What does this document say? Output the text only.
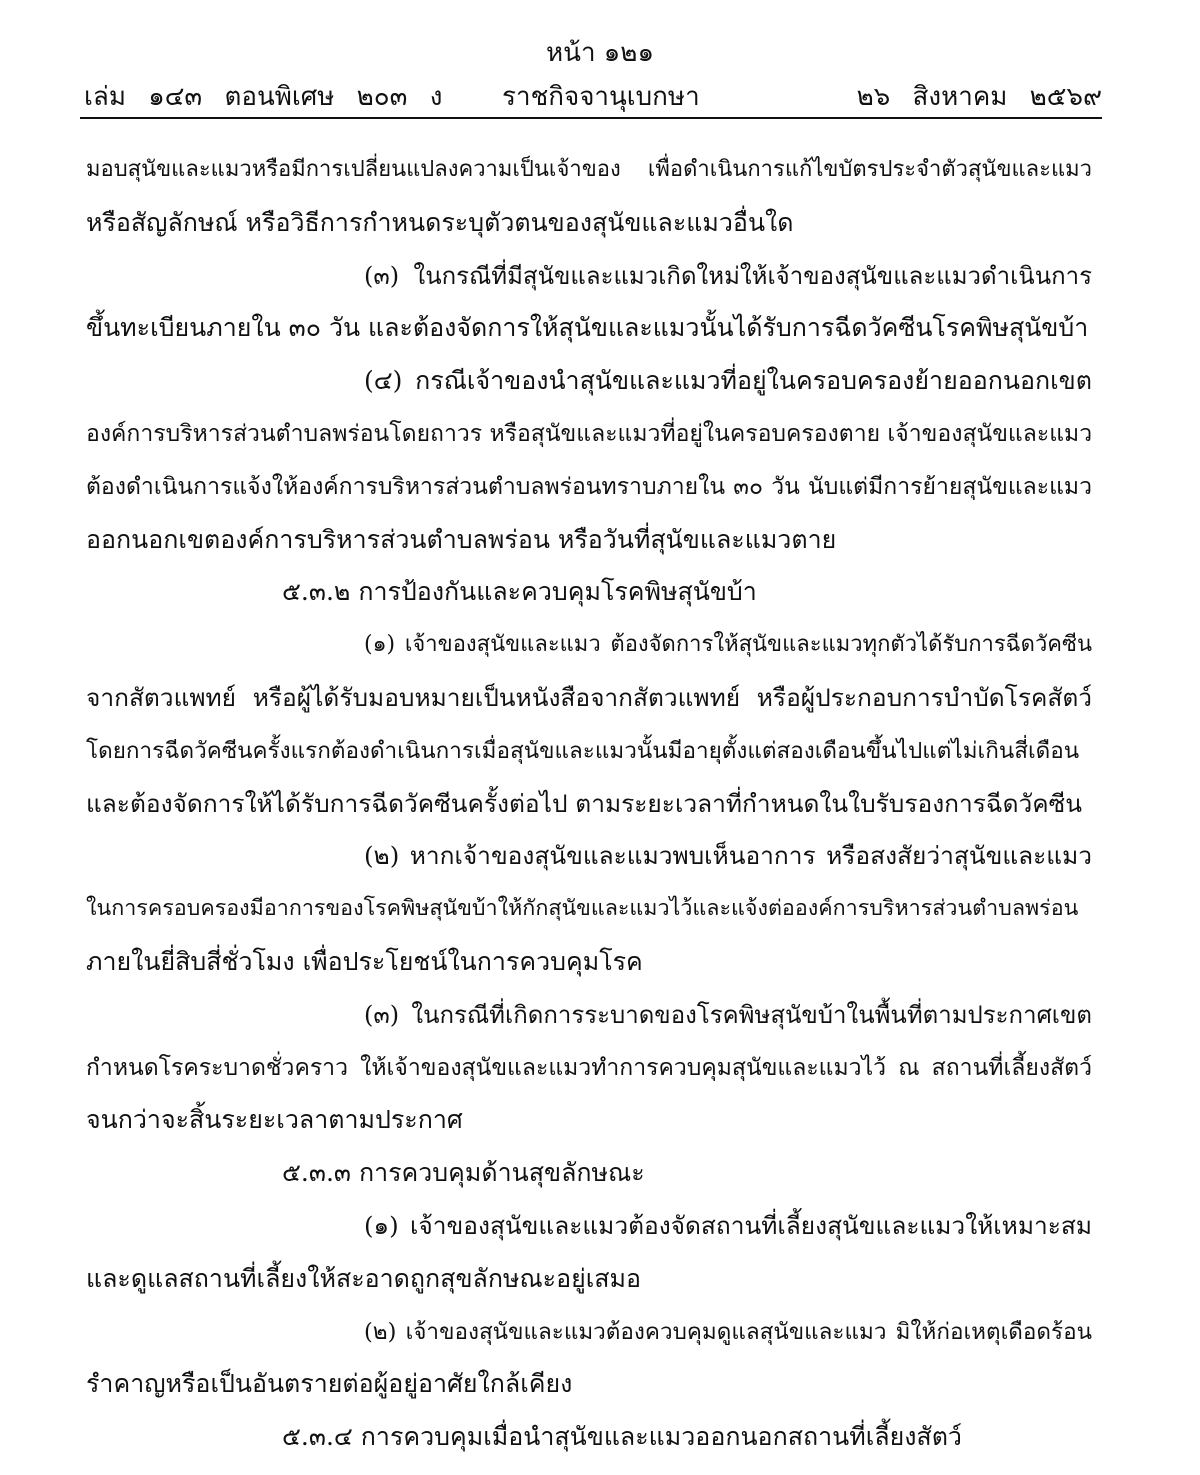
หน้า ๑๒๑
เล่ม ๑๔๓ ตอนพิเศษ ๒๐๓ ง ราชกิจจานุเบกษา	๒๖ สิงหาคม ๒๕๖๙
มอบสุนัขและแมวหรือมีการเปลี่ยนแปลงความเป็นเจ้าของ เพื่อดำเนินการแก้ไขบัตรประจำตัวสุนัขและแมว
หรือสัญลักษณ์ หรือวิธีการกำหนดระบุตัวตนของสุนัขและแมวอื่นใด
(๓) ในกรณีที่มีสุนัขและแมวเกิดใหม่ให้เจ้าของสุนัขและแมวดำเนินการ
ขึ้นทะเบียนภายใน ๓๐ วัน และต้องจัดการให้สุนัขและแมวนั้นได้รับการฉีดวัคซีนโรคพิษสุนัขบ้า
(๔) กรณีเจ้าของนำสุนัขและแมวที่อยู่ในครอบครองย้ายออกนอกเขต
องค์การบริหารส่วนตำบลพร่อนโดยถาวร หรือสุนัขและแมวที่อยู่ในครอบครองตาย เจ้าของสุนัขและแมว
ต้องดำเนินการแจ้งให้องค์การบริหารส่วนตำบลพร่อนทราบภายใน ๓๐ วัน นับแต่มีการย้ายสุนัขและแมว
ออกนอกเขตองค์การบริหารส่วนตำบลพร่อน หรือวันที่สุนัขและแมวตาย
๕.๓.๒ การป้องกันและควบคุมโรคพิษสุนัขบ้า
(๑) เจ้าของสุนัขและแมว ต้องจัดการให้สุนัขและแมวทุกตัวได้รับการฉีดวัคซีน
จากสัตวแพทย์ หรือผู้ได้รับมอบหมายเป็นหนังสือจากสัตวแพทย์ หรือผู้ประกอบการบำบัดโรคสัตว์
โดยการฉีดวัคซีนครั้งแรกต้องดำเนินการเมื่อสุนัขและแมวนั้นมีอายุตั้งแต่สองเดือนขึ้นไปแต่ไม่เกินสี่เดือน
และต้องจัดการให้ได้รับการฉีดวัคซีนครั้งต่อไป ตามระยะเวลาที่กำหนดในใบรับรองการฉีดวัคซีน
(๒) หากเจ้าของสุนัขและแมวพบเห็นอาการ หรือสงสัยว่าสุนัขและแมว
ในการครอบครองมีอาการของโรคพิษสุนัขบ้าให้กักสุนัขและแมวไว้และแจ้งต่อองค์การบริหารส่วนตำบลพร่อน
ภายในยี่สิบสี่ชั่วโมง เพื่อประโยชน์ในการควบคุมโรค
(๓) ในกรณีที่เกิดการระบาดของโรคพิษสุนัขบ้าในพื้นที่ตามประกาศเขต
กำหนดโรคระบาดชั่วคราว ให้เจ้าของสุนัขและแมวทำการควบคุมสุนัขและแมวไว้ ณ สถานที่เลี้ยงสัตว์
จนกว่าจะสิ้นระยะเวลาตามประกาศ
๕.๓.๓ การควบคุมด้านสุขลักษณะ
(๑) เจ้าของสุนัขและแมวต้องจัดสถานที่เลี้ยงสุนัขและแมวให้เหมาะสม
และดูแลสถานที่เลี้ยงให้สะอาดถูกสุขลักษณะอยู่เสมอ
(๒) เจ้าของสุนัขและแมวต้องควบคุมดูแลสุนัขและแมว มิให้ก่อเหตุเดือดร้อน
รำคาญหรือเป็นอันตรายต่อผู้อยู่อาศัยใกล้เคียง
๕.๓.๔ การควบคุมเมื่อนำสุนัขและแมวออกนอกสถานที่เลี้ยงสัตว์
